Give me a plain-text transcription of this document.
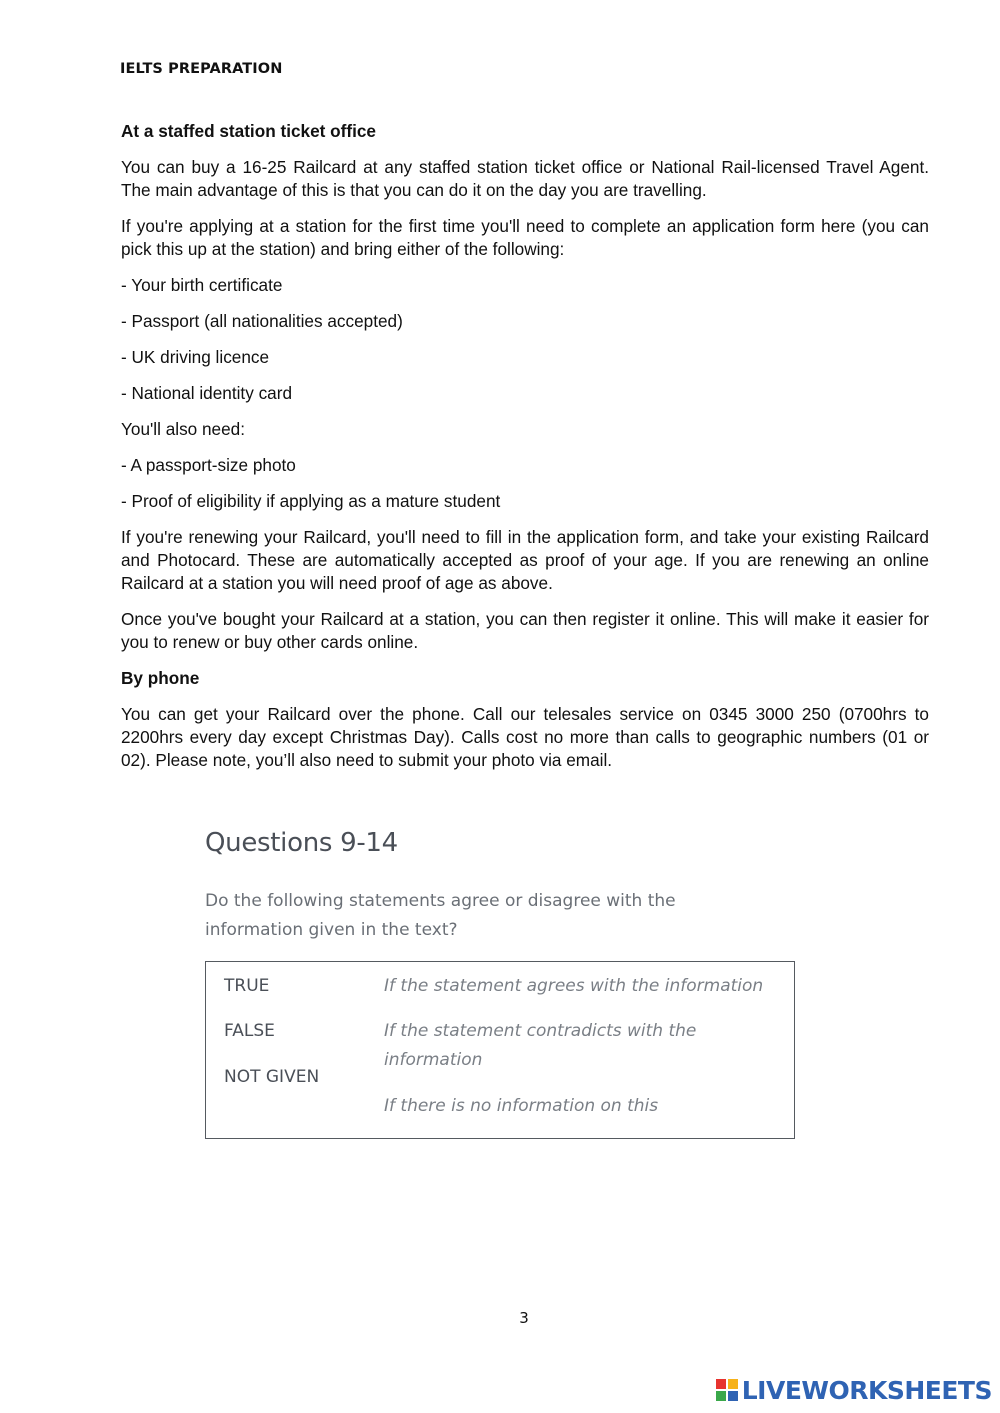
IELTS PREPARATION
At a staffed station ticket office

You can buy a 16-25 Railcard at any staffed station ticket office or National Rail-licensed Travel Agent. The main advantage of this is that you can do it on the day you are travelling.

If you're applying at a station for the first time you'll need to complete an application form here (you can pick this up at the station) and bring either of the following:

- Your birth certificate

- Passport (all nationalities accepted)

- UK driving licence

- National identity card

You'll also need:

- A passport-size photo

- Proof of eligibility if applying as a mature student

If you're renewing your Railcard, you'll need to fill in the application form, and take your existing Railcard and Photocard. These are automatically accepted as proof of your age. If you are renewing an online Railcard at a station you will need proof of age as above.

Once you've bought your Railcard at a station, you can then register it online. This will make it easier for you to renew or buy other cards online.

By phone

You can get your Railcard over the phone. Call our telesales service on 0345 3000 250 (0700hrs to 2200hrs every day except Christmas Day). Calls cost no more than calls to geographic numbers (01 or 02). Please note, you’ll also need to submit your photo via email.

Questions 9-14
Do the following statements agree or disagree with the information given in the text?
TRUE
FALSE
NOT GIVEN
If the statement agrees with the information
If the statement contradicts with the information
If there is no information on this
3
LIVEWORKSHEETS
